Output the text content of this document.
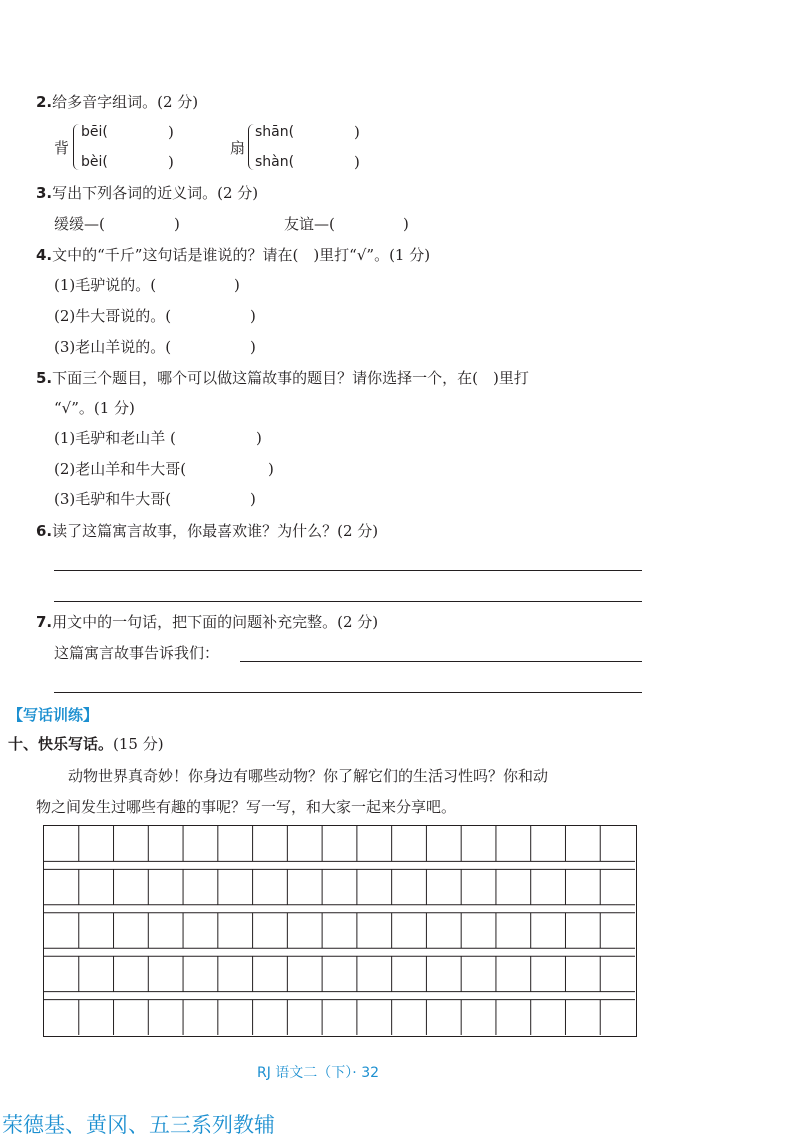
2.给多音字组词。(2 分)
背
bēi(	)
bèi(	)
扇
shān(	)
shàn(	)
3.写出下列各词的近义词。(2 分)
缓缓—(	)	友谊—(	)
4.文中的“千斤”这句话是谁说的？请在(　)里打“√”。(1 分)
(1)毛驴说的。(	)
(2)牛大哥说的。(	)
(3)老山羊说的。(	)
5.下面三个题目，哪个可以做这篇故事的题目？请你选择一个，在(　)里打
“√”。(1 分)
(1)毛驴和老山羊 (	)
(2)老山羊和牛大哥(	)
(3)毛驴和牛大哥(	)
6.读了这篇寓言故事，你最喜欢谁？为什么？(2 分)
7.用文中的一句话，把下面的问题补充完整。(2 分)
这篇寓言故事告诉我们：
【写话训练】
十、快乐写话。(15 分)
动物世界真奇妙！你身边有哪些动物？你了解它们的生活习性吗？你和动
物之间发生过哪些有趣的事呢？写一写，和大家一起来分享吧。
RJ 语文二（下）· 32
荣德基、黄冈、五三系列教辅
